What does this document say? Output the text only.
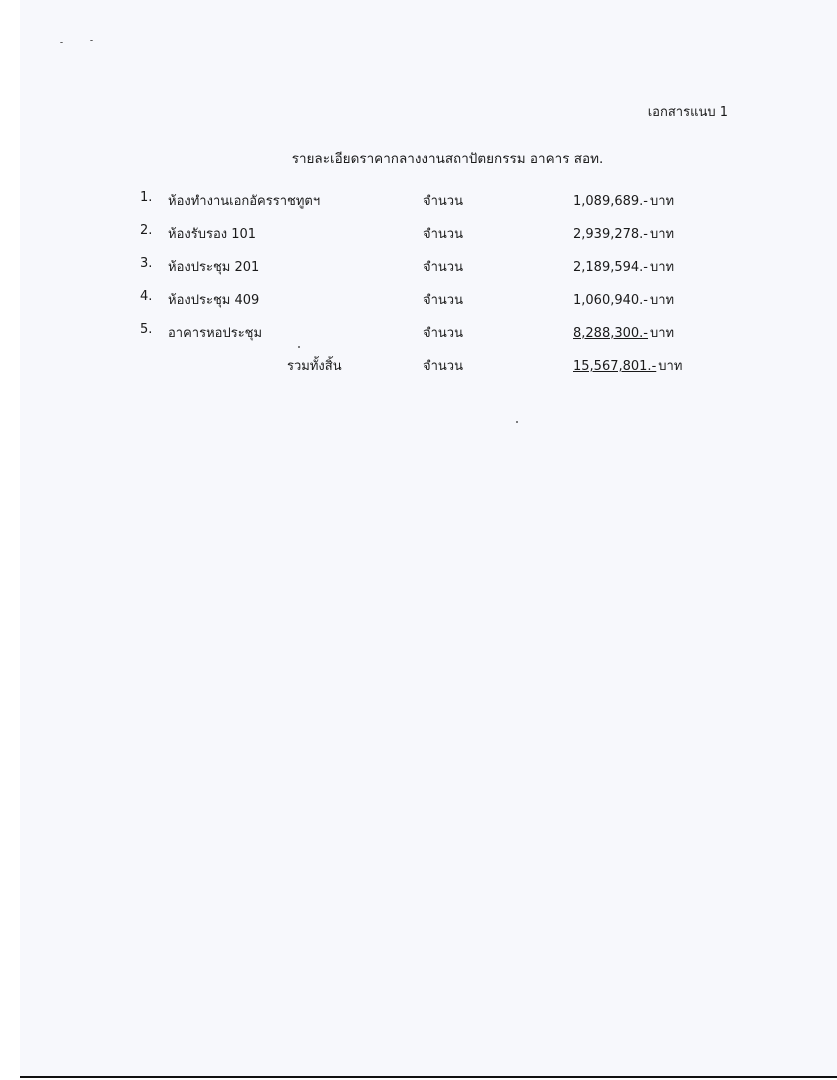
เอกสารแนบ 1
รายละเอียดราคากลางงานสถาปัตยกรรม อาคาร สอท.
1. ห้องทำงานเอกอัครราชทูตฯ	จำนวน	1,089,689.- บาท
2. ห้องรับรอง 101	จำนวน	2,939,278.- บาท
3. ห้องประชุม 201	จำนวน	2,189,594.- บาท
4. ห้องประชุม 409	จำนวน	1,060,940.- บาท
5. อาคารหอประชุม	จำนวน	8,288,300.- บาท
รวมทั้งสิ้น	จำนวน	15,567,801.- บาท
